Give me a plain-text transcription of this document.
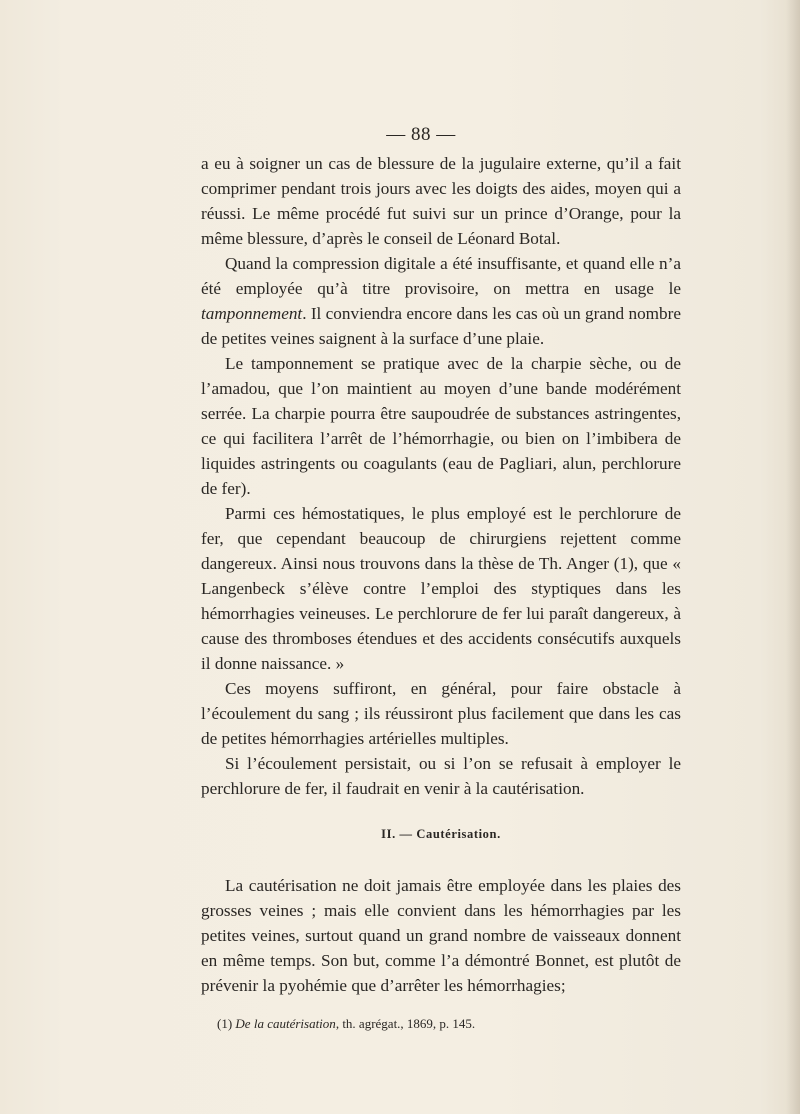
— 88 —

a eu à soigner un cas de blessure de la jugulaire externe, qu’il a fait comprimer pendant trois jours avec les doigts des aides, moyen qui a réussi. Le même procédé fut suivi sur un prince d’Orange, pour la même blessure, d’après le conseil de Léonard Botal.

Quand la compression digitale a été insuffisante, et quand elle n’a été employée qu’à titre provisoire, on mettra en usage le tamponnement. Il conviendra encore dans les cas où un grand nombre de petites veines saignent à la surface d’une plaie.

Le tamponnement se pratique avec de la charpie sèche, ou de l’amadou, que l’on maintient au moyen d’une bande modérément serrée. La charpie pourra être saupoudrée de substances astringentes, ce qui facilitera l’arrêt de l’hémorrhagie, ou bien on l’imbibera de liquides astringents ou coagulants (eau de Pagliari, alun, perchlorure de fer).

Parmi ces hémostatiques, le plus employé est le perchlorure de fer, que cependant beaucoup de chirurgiens rejettent comme dangereux. Ainsi nous trouvons dans la thèse de Th. Anger (1), que « Langenbeck s’élève contre l’emploi des styptiques dans les hémorrhagies veineuses. Le perchlorure de fer lui paraît dangereux, à cause des thromboses étendues et des accidents consécutifs auxquels il donne naissance. »

Ces moyens suffiront, en général, pour faire obstacle à l’écoulement du sang ; ils réussiront plus facilement que dans les cas de petites hémorrhagies artérielles multiples.

Si l’écoulement persistait, ou si l’on se refusait à employer le perchlorure de fer, il faudrait en venir à la cautérisation.

II. — Cautérisation.

La cautérisation ne doit jamais être employée dans les plaies des grosses veines ; mais elle convient dans les hémorrhagies par les petites veines, surtout quand un grand nombre de vaisseaux donnent en même temps. Son but, comme l’a démontré Bonnet, est plutôt de prévenir la pyohémie que d’arrêter les hémorrhagies;

(1) De la cautérisation, th. agrégat., 1869, p. 145.
